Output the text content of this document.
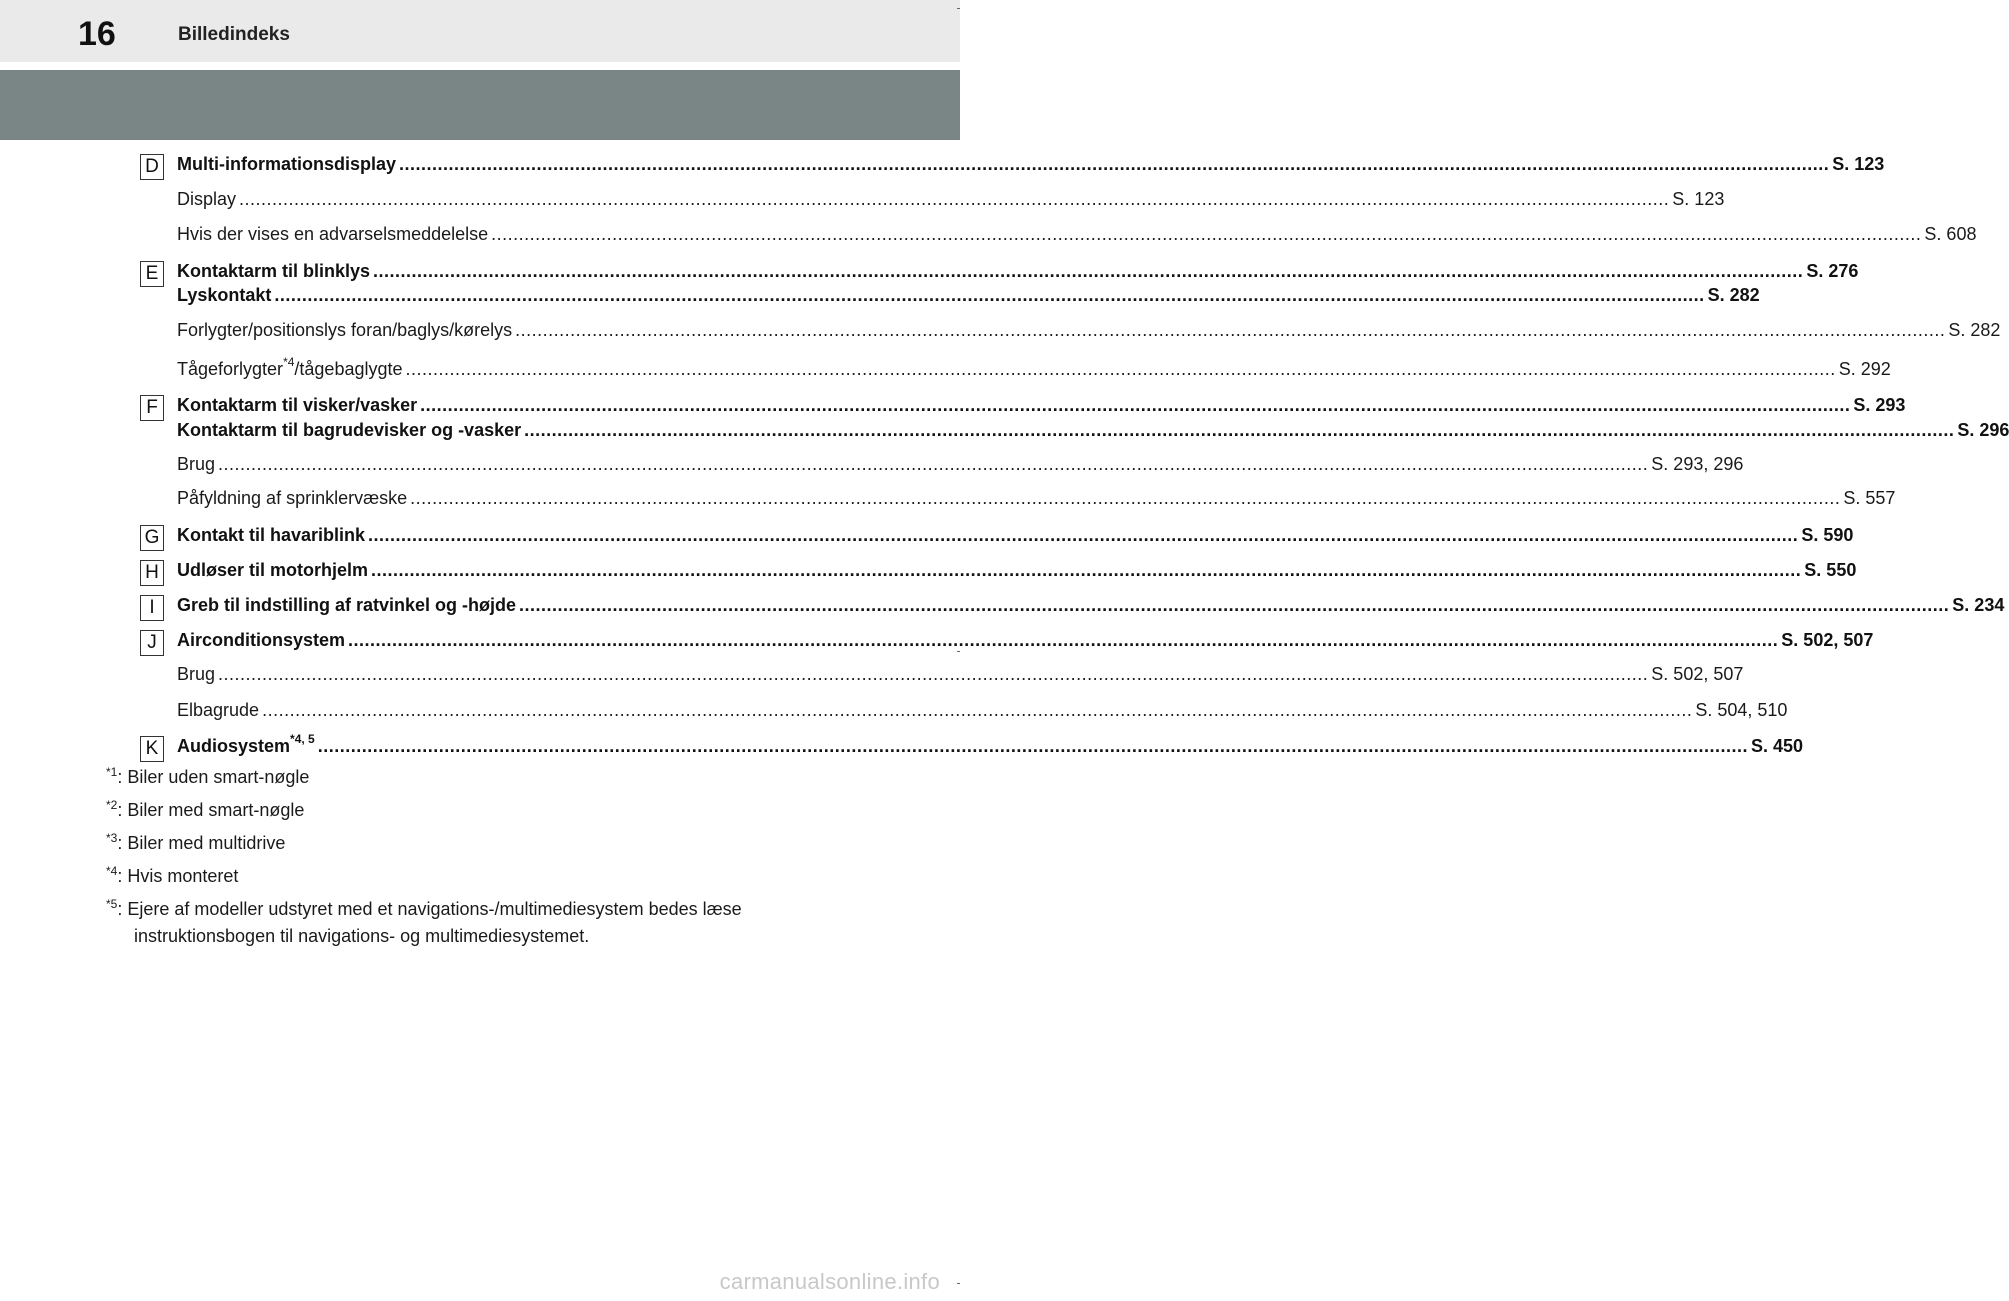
16	Billedindeks
D Multi-informationsdisplay .................................................................................................................................................................................................................................................................... S. 123
Display .................................................................................................................................................................................................................................................................... S. 123
Hvis der vises en advarselsmeddelelse .................................................................................................................................................................................................................................................................... S. 608
E	Kontaktarm til blinklys .................................................................................................................................................................................................................................................................... S. 276
Lyskontakt .................................................................................................................................................................................................................................................................... S. 282
Forlygter/positionslys foran/baglys/kørelys .................................................................................................................................................................................................................................................................... S. 282
Tågeforlygter$^{*4}$/tågebaglygte .................................................................................................................................................................................................................................................................... S. 292
F	Kontaktarm til visker/vasker .................................................................................................................................................................................................................................................................... S. 293
Kontaktarm til bagrudevisker og -vasker .................................................................................................................................................................................................................................................................... S. 296
Brug .................................................................................................................................................................................................................................................................... S. 293, 296
Påfyldning af sprinklervæske .................................................................................................................................................................................................................................................................... S. 557
G Kontakt til havariblink .................................................................................................................................................................................................................................................................... S. 590
H Udløser til motorhjelm .................................................................................................................................................................................................................................................................... S. 550
I	Greb til indstilling af ratvinkel og -højde .................................................................................................................................................................................................................................................................... S. 234
J	Airconditionsystem .................................................................................................................................................................................................................................................................... S. 502, 507
Brug .................................................................................................................................................................................................................................................................... S. 502, 507
Elbagrude .................................................................................................................................................................................................................................................................... S. 504, 510
K	Audiosystem$^{*4, 5}$ .................................................................................................................................................................................................................................................................... S. 450
$^{*1}$: Biler uden smart-nøgle
$^{*2}$: Biler med smart-nøgle
$^{*3}$: Biler med multidrive
$^{*4}$: Hvis monteret
$^{*5}$: Ejere af modeller udstyret med et navigations-/multimediesystem bedes læse
instruktionsbogen til navigations- og multimediesystemet.
carmanualsonline.info
